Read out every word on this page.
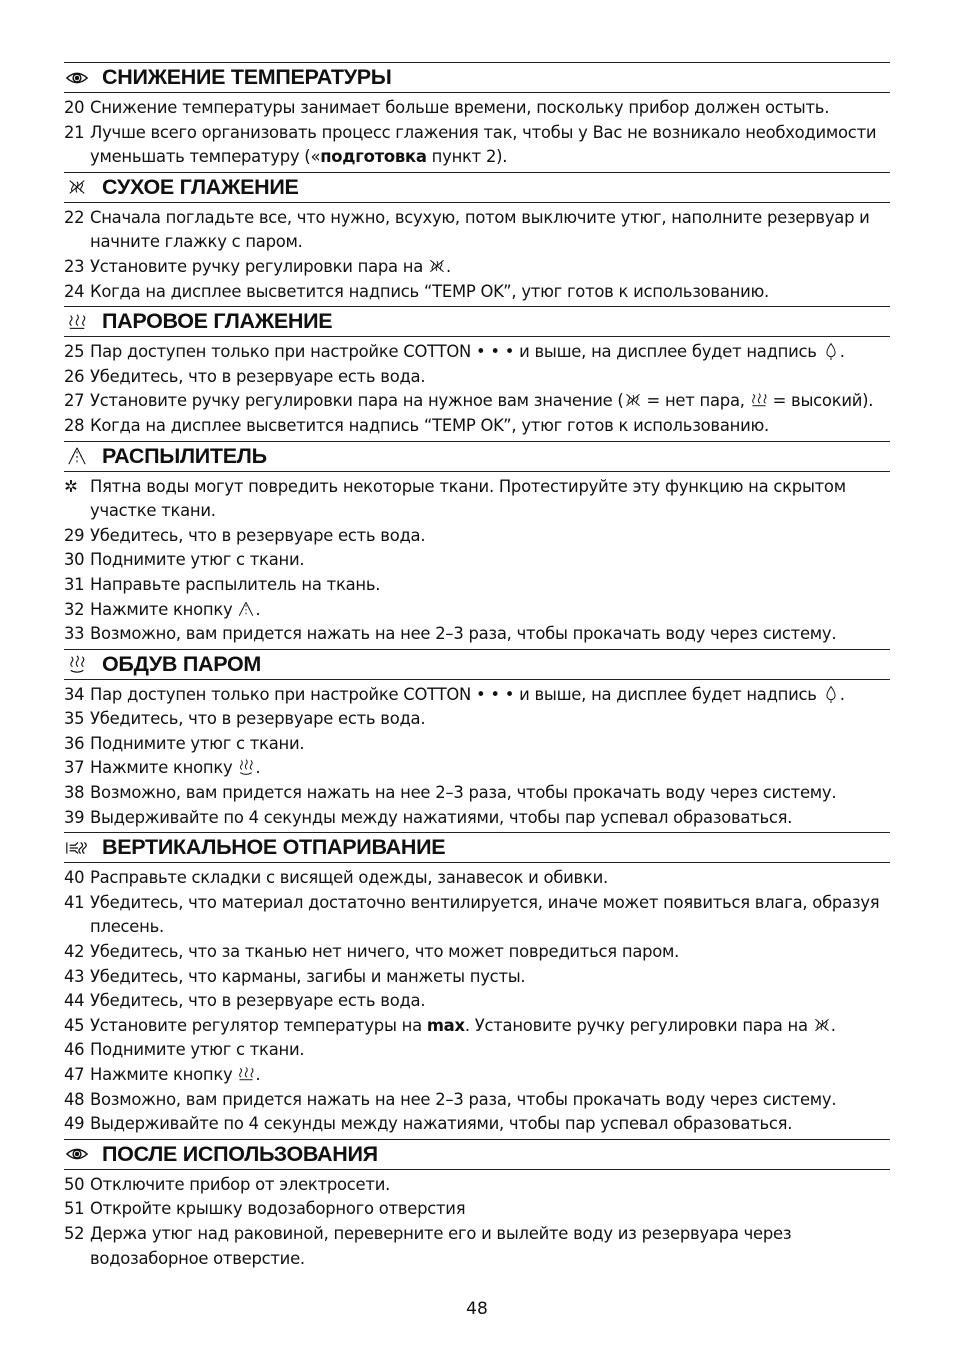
СНИЖЕНИЕ ТЕМПЕРАТУРЫ
20 Снижение температуры занимает больше времени, поскольку прибор должен остыть.
21 Лучше всего организовать процесс глажения так, чтобы у Вас не возникало необходимости уменьшать температуру («подготовка пункт 2).
СУХОЕ ГЛАЖЕНИЕ
22 Сначала погладьте все, что нужно, всухую, потом выключите утюг, наполните резервуар и начните глажку с паром.
23 Установите ручку регулировки пара на
.
24 Когда на дисплее высветится надпись “TEMP OK”, утюг готов к использованию.
ПАРОВОЕ ГЛАЖЕНИЕ
25 Пар доступен только при настройке COTTON • • • и выше, на дисплее будет надпись
.
26 Убедитесь, что в резервуаре есть вода.
27 Установите ручку регулировки пара на нужное вам значение (
= нет пара,
= высокий).
28 Когда на дисплее высветится надпись “TEMP OK”, утюг готов к использованию.
РАСПЫЛИТЕЛЬ
✲ Пятна воды могут повредить некоторые ткани. Протестируйте эту функцию на скрытом участке ткани.
29 Убедитесь, что в резервуаре есть вода.
30 Поднимите утюг с ткани.
31 Направьте распылитель на ткань.
32 Нажмите кнопку
.
33 Возможно, вам придется нажать на нее 2–3 раза, чтобы прокачать воду через систему.
ОБДУВ ПАРОМ
34 Пар доступен только при настройке COTTON • • • и выше, на дисплее будет надпись
.
35 Убедитесь, что в резервуаре есть вода.
36 Поднимите утюг с ткани.
37 Нажмите кнопку
.
38 Возможно, вам придется нажать на нее 2–3 раза, чтобы прокачать воду через систему.
39 Выдерживайте по 4 секунды между нажатиями, чтобы пар успевал образоваться.
ВЕРТИКАЛЬНОЕ ОТПАРИВАНИЕ
40 Расправьте складки с висящей одежды, занавесок и обивки.
41 Убедитесь, что материал достаточно вентилируется, иначе может появиться влага, образуя плесень.
42 Убедитесь, что за тканью нет ничего, что может повредиться паром.
43 Убедитесь, что карманы, загибы и манжеты пусты.
44 Убедитесь, что в резервуаре есть вода.
45 Установите регулятор температуры на max. Установите ручку регулировки пара на
.
46 Поднимите утюг с ткани.
47 Нажмите кнопку
.
48 Возможно, вам придется нажать на нее 2–3 раза, чтобы прокачать воду через систему.
49 Выдерживайте по 4 секунды между нажатиями, чтобы пар успевал образоваться.
ПОСЛЕ ИСПОЛЬЗОВАНИЯ
50 Отключите прибор от электросети.
51 Откройте крышку водозаборного отверстия
52 Держа утюг над раковиной, переверните его и вылейте воду из резервуара через водозаборное отверстие.
48
